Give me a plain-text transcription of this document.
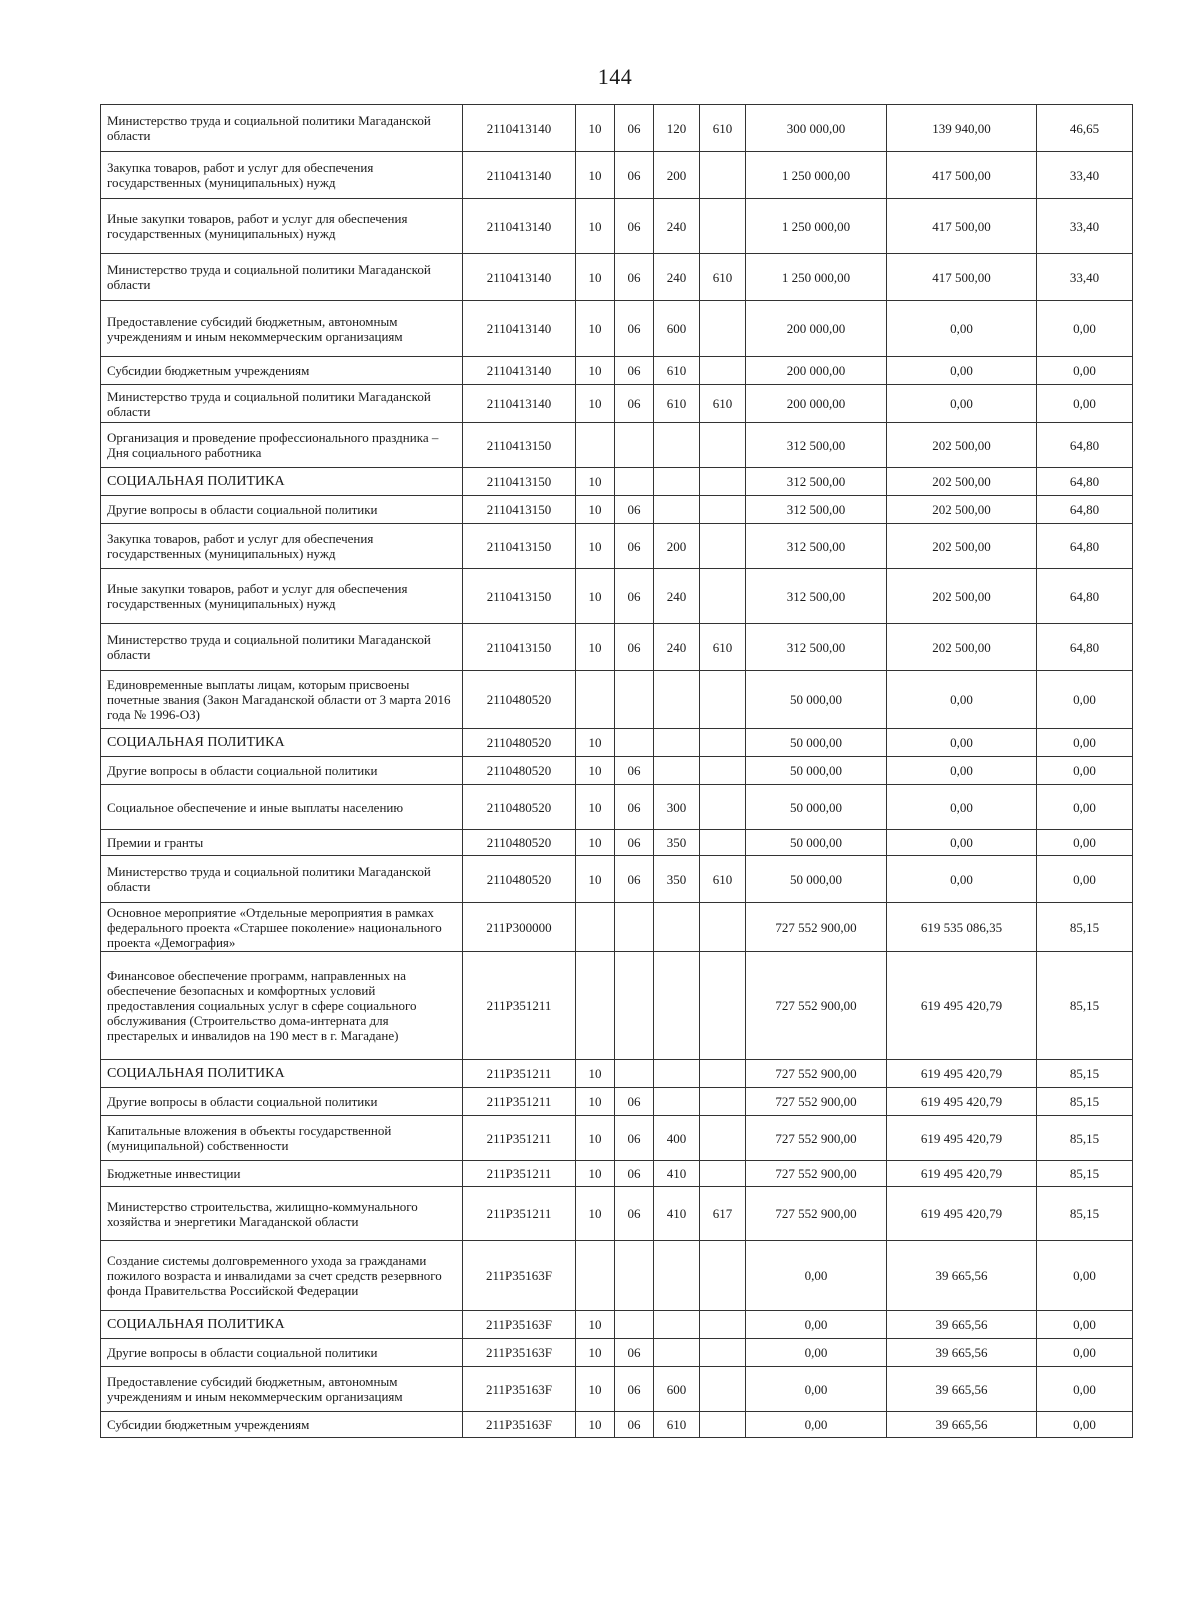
144
Министерство труда и социальной политики Магаданской области	2110413140	10	06	120	610	300 000,00	139 940,00	46,65
Закупка товаров, работ и услуг для обеспечения государственных (муниципальных) нужд	2110413140	10	06	200		1 250 000,00	417 500,00	33,40
Иные закупки товаров, работ и услуг для обеспечения государственных (муниципальных) нужд	2110413140	10	06	240		1 250 000,00	417 500,00	33,40
Министерство труда и социальной политики Магаданской области	2110413140	10	06	240	610	1 250 000,00	417 500,00	33,40
Предоставление субсидий бюджетным, автономным учреждениям и иным некоммерческим организациям	2110413140	10	06	600		200 000,00	0,00	0,00
Субсидии бюджетным учреждениям	2110413140	10	06	610		200 000,00	0,00	0,00
Министерство труда и социальной политики Магаданской области	2110413140	10	06	610	610	200 000,00	0,00	0,00
Организация и проведение профессионального праздника – Дня социального работника	2110413150					312 500,00	202 500,00	64,80
СОЦИАЛЬНАЯ ПОЛИТИКА	2110413150	10				312 500,00	202 500,00	64,80
Другие вопросы в области социальной политики	2110413150	10	06			312 500,00	202 500,00	64,80
Закупка товаров, работ и услуг для обеспечения государственных (муниципальных) нужд	2110413150	10	06	200		312 500,00	202 500,00	64,80
Иные закупки товаров, работ и услуг для обеспечения государственных (муниципальных) нужд	2110413150	10	06	240		312 500,00	202 500,00	64,80
Министерство труда и социальной политики Магаданской области	2110413150	10	06	240	610	312 500,00	202 500,00	64,80
Единовременные выплаты лицам, которым присвоены почетные звания (Закон Магаданской области от 3 марта 2016 года № 1996-ОЗ)	2110480520					50 000,00	0,00	0,00
СОЦИАЛЬНАЯ ПОЛИТИКА	2110480520	10				50 000,00	0,00	0,00
Другие вопросы в области социальной политики	2110480520	10	06			50 000,00	0,00	0,00
Социальное обеспечение и иные выплаты населению	2110480520	10	06	300		50 000,00	0,00	0,00
Премии и гранты	2110480520	10	06	350		50 000,00	0,00	0,00
Министерство труда и социальной политики Магаданской области	2110480520	10	06	350	610	50 000,00	0,00	0,00
Основное мероприятие «Отдельные мероприятия в рамках федерального проекта «Старшее поколение» национального проекта «Демография»	211P300000					727 552 900,00	619 535 086,35	85,15
Финансовое обеспечение программ, направленных на обеспечение безопасных и комфортных условий предоставления социальных услуг в сфере социального обслуживания (Строительство дома-интерната для престарелых и инвалидов на 190 мест в г. Магадане)	211P351211					727 552 900,00	619 495 420,79	85,15
СОЦИАЛЬНАЯ ПОЛИТИКА	211P351211	10				727 552 900,00	619 495 420,79	85,15
Другие вопросы в области социальной политики	211P351211	10	06			727 552 900,00	619 495 420,79	85,15
Капитальные вложения в объекты государственной (муниципальной) собственности	211P351211	10	06	400		727 552 900,00	619 495 420,79	85,15
Бюджетные инвестиции	211P351211	10	06	410		727 552 900,00	619 495 420,79	85,15
Министерство строительства, жилищно-коммунального хозяйства и энергетики Магаданской области	211P351211	10	06	410	617	727 552 900,00	619 495 420,79	85,15
Создание системы долговременного ухода за гражданами пожилого возраста и инвалидами за счет средств резервного фонда Правительства Российской Федерации	211P35163F					0,00	39 665,56	0,00
СОЦИАЛЬНАЯ ПОЛИТИКА	211P35163F	10				0,00	39 665,56	0,00
Другие вопросы в области социальной политики	211P35163F	10	06			0,00	39 665,56	0,00
Предоставление субсидий бюджетным, автономным учреждениям и иным некоммерческим организациям	211P35163F	10	06	600		0,00	39 665,56	0,00
Субсидии бюджетным учреждениям	211P35163F	10	06	610		0,00	39 665,56	0,00
